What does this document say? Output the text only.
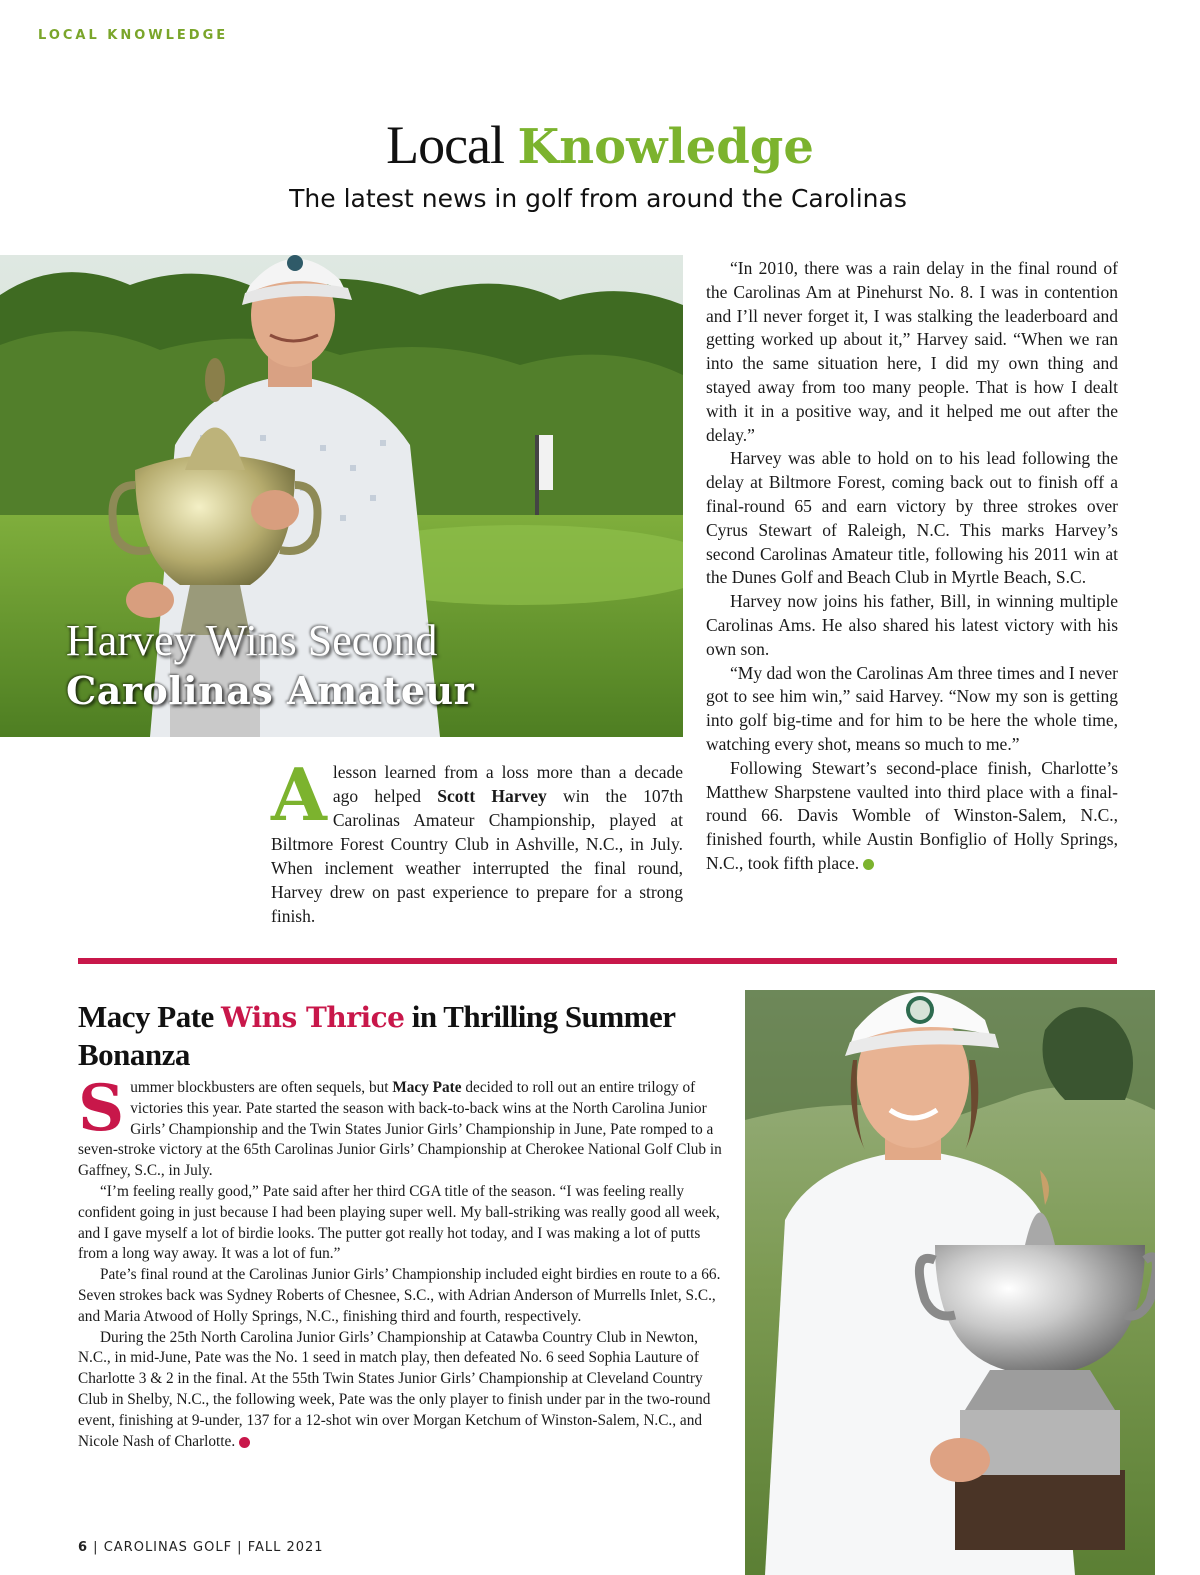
LOCAL KNOWLEDGE
Local Knowledge
The latest news in golf from around the Carolinas
Harvey Wins Second
Carolinas Amateur

Alesson learned from a loss more than a decade ago helped Scott Harvey win the 107th Carolinas Amateur Championship, played at Biltmore Forest Country Club in Ashville, N.C., in July. When inclement weather interrupted the final round, Harvey drew on past experience to prepare for a strong finish.

“In 2010, there was a rain delay in the final round of the Carolinas Am at Pinehurst No. 8. I was in contention and I’ll never forget it, I was stalking the leaderboard and getting worked up about it,” Harvey said. “When we ran into the same situation here, I did my own thing and stayed away from too many people. That is how I dealt with it in a positive way, and it helped me out after the delay.”

Harvey was able to hold on to his lead following the delay at Biltmore Forest, coming back out to finish off a final-round 65 and earn victory by three strokes over Cyrus Stewart of Raleigh, N.C. This marks Harvey’s second Carolinas Amateur title, following his 2011 win at the Dunes Golf and Beach Club in Myrtle Beach, S.C.

Harvey now joins his father, Bill, in winning multiple Carolinas Ams. He also shared his latest victory with his own son.

“My dad won the Carolinas Am three times and I never got to see him win,” said Harvey. “Now my son is getting into golf big-time and for him to be here the whole time, watching every shot, means so much to me.”

Following Stewart’s second-place finish, Charlotte’s Matthew Sharpstene vaulted into third place with a final-round 66. Davis Womble of Winston-Salem, N.C., finished fourth, while Austin Bonfiglio of Holly Springs, N.C., took fifth place.

Macy Pate Wins Thrice in Thrilling Summer Bonanza

Summer blockbusters are often sequels, but Macy Pate decided to roll out an entire trilogy of victories this year. Pate started the season with back-to-back wins at the North Carolina Junior Girls’ Championship and the Twin States Junior Girls’ Championship in June, Pate romped to a seven-stroke victory at the 65th Carolinas Junior Girls’ Championship at Cherokee National Golf Club in Gaffney, S.C., in July.

“I’m feeling really good,” Pate said after her third CGA title of the season. “I was feeling really confident going in just because I had been playing super well. My ball-striking was really good all week, and I gave myself a lot of birdie looks. The putter got really hot today, and I was making a lot of putts from a long way away. It was a lot of fun.”

Pate’s final round at the Carolinas Junior Girls’ Championship included eight birdies en route to a 66. Seven strokes back was Sydney Roberts of Chesnee, S.C., with Adrian Anderson of Murrells Inlet, S.C., and Maria Atwood of Holly Springs, N.C., finishing third and fourth, respectively.

During the 25th North Carolina Junior Girls’ Championship at Catawba Country Club in Newton, N.C., in mid-June, Pate was the No. 1 seed in match play, then defeated No. 6 seed Sophia Lauture of Charlotte 3 & 2 in the final. At the 55th Twin States Junior Girls’ Championship at Cleveland Country Club in Shelby, N.C., the following week, Pate was the only player to finish under par in the two-round event, finishing at 9-under, 137 for a 12-shot win over Morgan Ketchum of Winston-Salem, N.C., and Nicole Nash of Charlotte.

6 | CAROLINAS GOLF | FALL 2021
